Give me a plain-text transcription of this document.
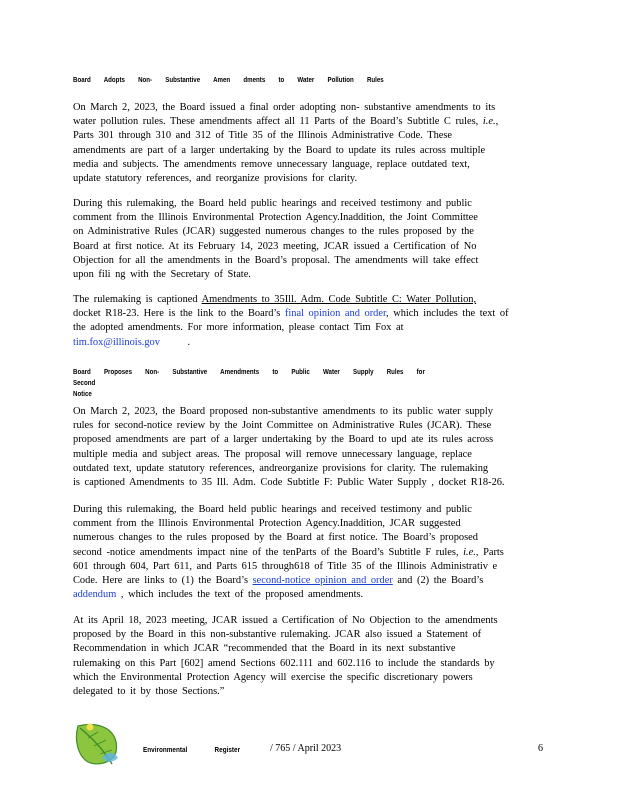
Board Adopts Non- Substantive Amen dments to Water Pollution Rules
On March 2, 2023, the Board issued a final order adopting non- substantive amendments to its
water pollution rules. These amendments affect all 11 Parts of the Board’s Subtitle C rules, i.e.,
Parts 301 through 310 and 312 of Title 35 of the Illinois Administrative Code. These
amendments are part of a larger undertaking by the Board to update its rules across multiple
media and subjects. The amendments remove unnecessary language, replace outdated text,
update statutory references, and reorganize provisions for clarity.
During this rulemaking, the Board held public hearings and received testimony and public
comment from the Illinois Environmental Protection Agency.Inaddition, the Joint Committee
on Administrative Rules (JCAR) suggested numerous changes to the rules proposed by the
Board at first notice. At its February 14, 2023 meeting, JCAR issued a Certification of No
Objection for all the amendments in the Board’s proposal. The amendments will take effect
upon fili ng with the Secretary of State.
The rulemaking is captioned Amendments to 35Ill. Adm. Code Subtitle C: Water Pollution,
docket R18-23. Here is the link to the Board’s final opinion and order, which includes the text of
the adopted amendments. For more information, please contact Tim Fox at
tim.fox@illinois.gov	.
Board Proposes Non- Substantive Amendments to Public Water Supply Rules for Second
Notice
On March 2, 2023, the Board proposed non-substantive amendments to its public water supply
rules for second-notice review by the Joint Committee on Administrative Rules (JCAR). These
proposed amendments are part of a larger undertaking by the Board to upd ate its rules across
multiple media and subject areas. The proposal will remove unnecessary language, replace
outdated text, update statutory references, andreorganize provisions for clarity. The rulemaking
is captioned Amendments to 35 Ill. Adm. Code Subtitle F: Public Water Supply , docket R18-26.
During this rulemaking, the Board held public hearings and received testimony and public
comment from the Illinois Environmental Protection Agency.Inaddition, JCAR suggested
numerous changes to the rules proposed by the Board at first notice. The Board’s proposed
second -notice amendments impact nine of the tenParts of the Board’s Subtitle F rules, i.e., Parts
601 through 604, Part 611, and Parts 615 through618 of Title 35 of the Illinois Administrativ e
Code. Here are links to (1) the Board’s second-notice opinion and order and (2) the Board’s
addendum , which includes the text of the proposed amendments.
At its April 18, 2023 meeting, JCAR issued a Certification of No Objection to the amendments
proposed by the Board in this non-substantive rulemaking. JCAR also issued a Statement of
Recommendation in which JCAR “recommended that the Board in its next substantive
rulemaking on this Part [602] amend Sections 602.111 and 602.116 to include the standards by
which the Environmental Protection Agency will exercise the specific discretionary powers
delegated to it by those Sections.”
Environmental Register	/ 765 / April 2023	6
